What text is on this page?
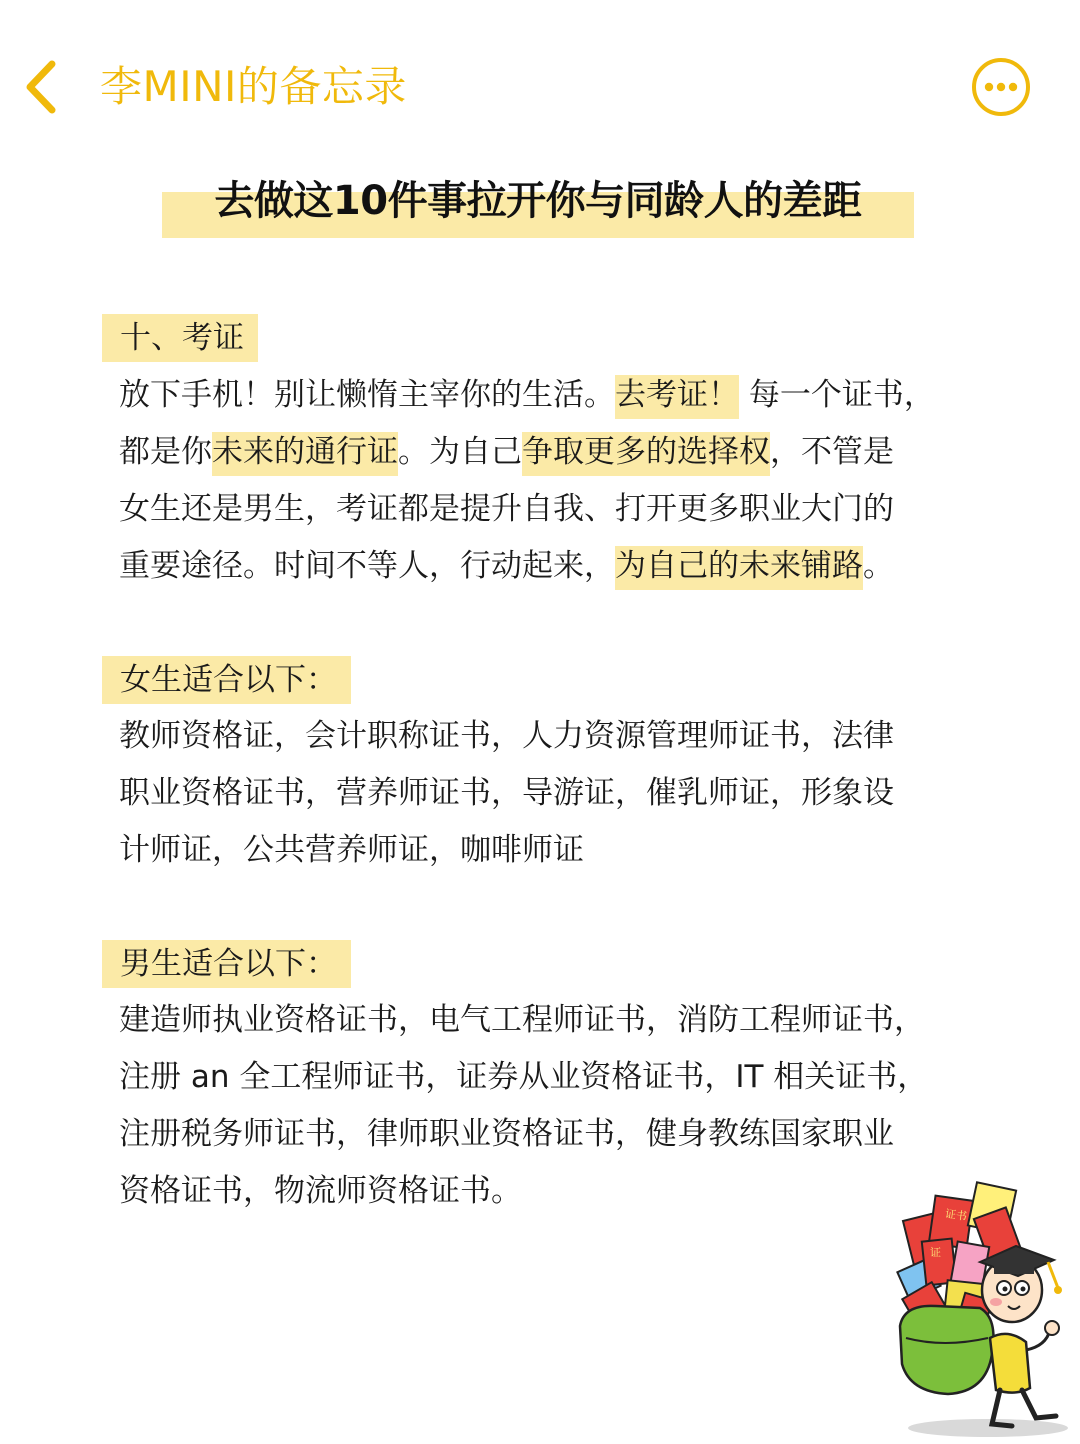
李MINI的备忘录
去做这10件事拉开你与同龄人的差距
十、考证
放下手机！别让懒惰主宰你的生活。去考证！ 每一个证书，
都是你未来的通行证。为自己争取更多的选择权，不管是
女生还是男生，考证都是提升自我、打开更多职业大门的
重要途径。时间不等人，行动起来，为自己的未来铺路。
女生适合以下：
教师资格证，会计职称证书，人力资源管理师证书，法律
职业资格证书，营养师证书，导游证，催乳师证，形象设
计师证，公共营养师证，咖啡师证
男生适合以下：
建造师执业资格证书，电气工程师证书，消防工程师证书，
注册 an 全工程师证书，证券从业资格证书，IT 相关证书，
注册税务师证书，律师职业资格证书，健身教练国家职业
资格证书，物流师资格证书。
证书
证
